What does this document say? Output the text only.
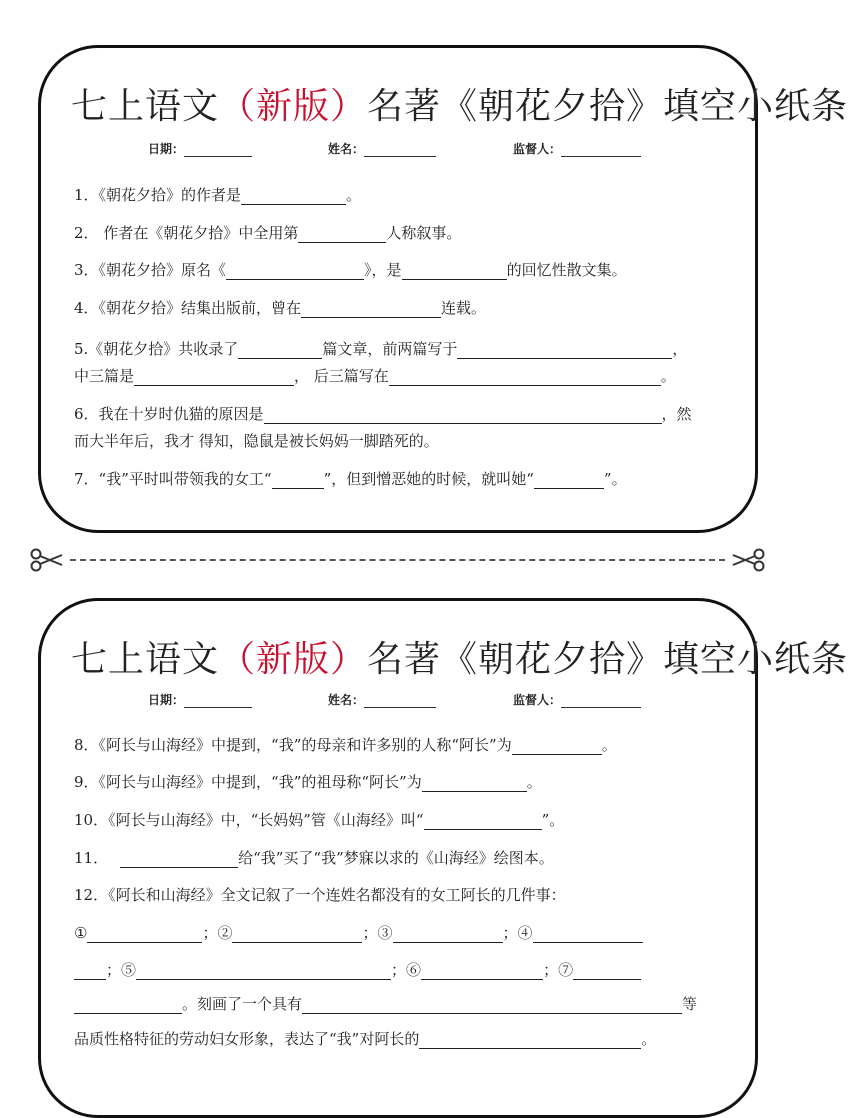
七上语文（新版）名著《朝花夕拾》填空小纸条
日期：	姓名：	监督人：
1．《朝花夕拾》的作者是	。
2． 作者在《朝花夕拾》中全用第	人称叙事。
3．《朝花夕拾》原名《	》，是	的回忆性散文集。
4．《朝花夕拾》结集出版前，曾在	连载。
5.《朝花夕拾》共收录了	篇文章，前两篇写于	，
中三篇是	， 后三篇写在	。
6．我在十岁时仇猫的原因是	，然
而大半年后，我才 得知，隐鼠是被长妈妈一脚踏死的。
7．“我”平时叫带领我的女工“	”，但到憎恶她的时候，就叫她“	”。
七上语文（新版）名著《朝花夕拾》填空小纸条
日期：	姓名：	监督人：
8．《阿长与山海经》中提到，“我”的母亲和许多别的人称“阿长”为	。
9．《阿长与山海经》中提到，“我”的祖母称“阿长”为	。
10．《阿长与山海经》中，“长妈妈”管《山海经》叫“	”。
11．	给“我”买了“我”梦寐以求的《山海经》绘图本。
12．《阿长和山海经》全文记叙了一个连姓名都没有的女工阿长的几件事：
①	；②	；③	；④
；⑤	；⑥	；⑦
。刻画了一个具有	等
品质性格特征的劳动妇女形象，表达了“我”对阿长的	。
